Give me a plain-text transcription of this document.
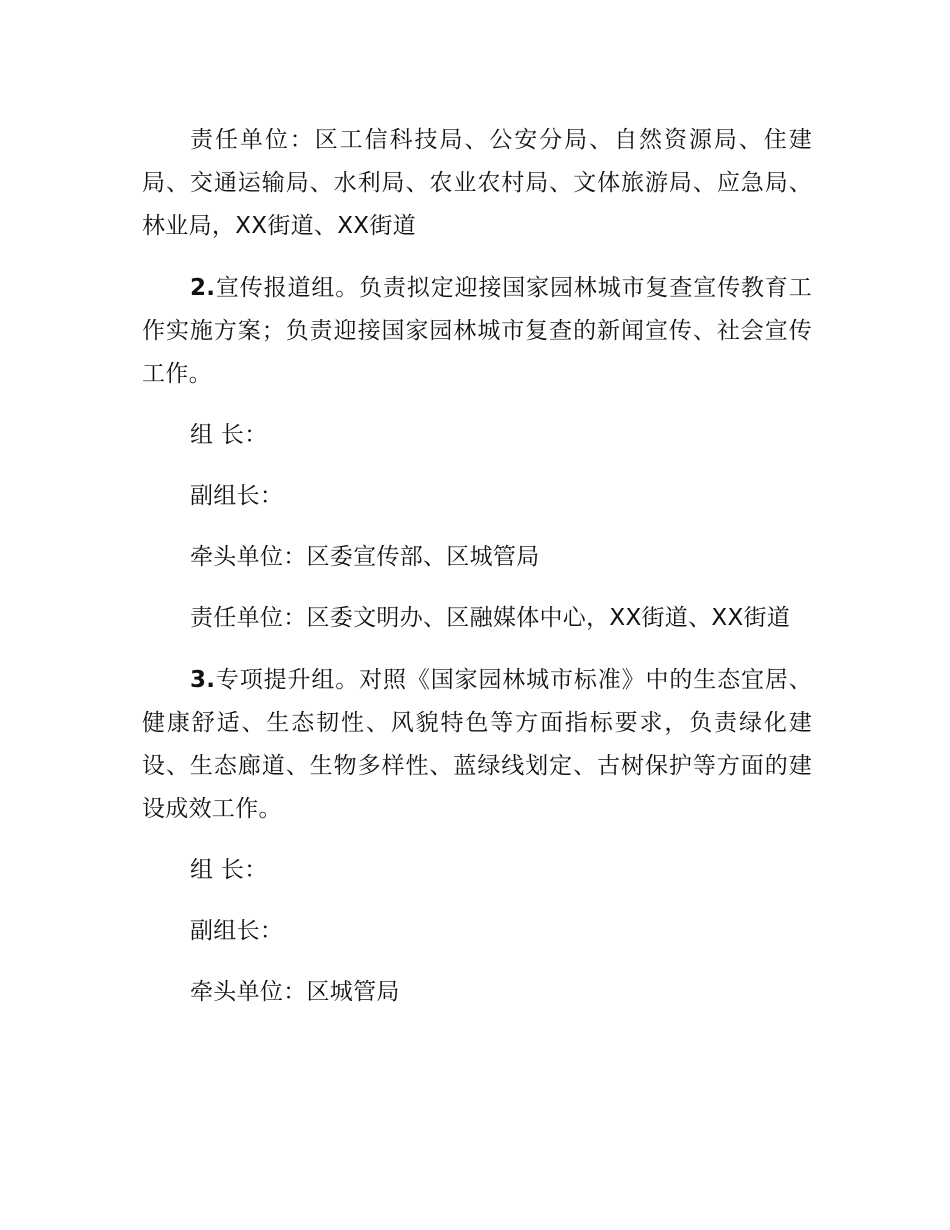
责任单位：区工信科技局、公安分局、自然资源局、住建局、交通运输局、水利局、农业农村局、文体旅游局、应急局、林业局，XX街道、XX街道

2.宣传报道组。负责拟定迎接国家园林城市复查宣传教育工作实施方案；负责迎接国家园林城市复查的新闻宣传、社会宣传工作。

组 长：

副组长：

牵头单位：区委宣传部、区城管局

责任单位：区委文明办、区融媒体中心，XX街道、XX街道

3.专项提升组。对照《国家园林城市标准》中的生态宜居、健康舒适、生态韧性、风貌特色等方面指标要求，负责绿化建设、生态廊道、生物多样性、蓝绿线划定、古树保护等方面的建设成效工作。

组 长：

副组长：

牵头单位：区城管局
